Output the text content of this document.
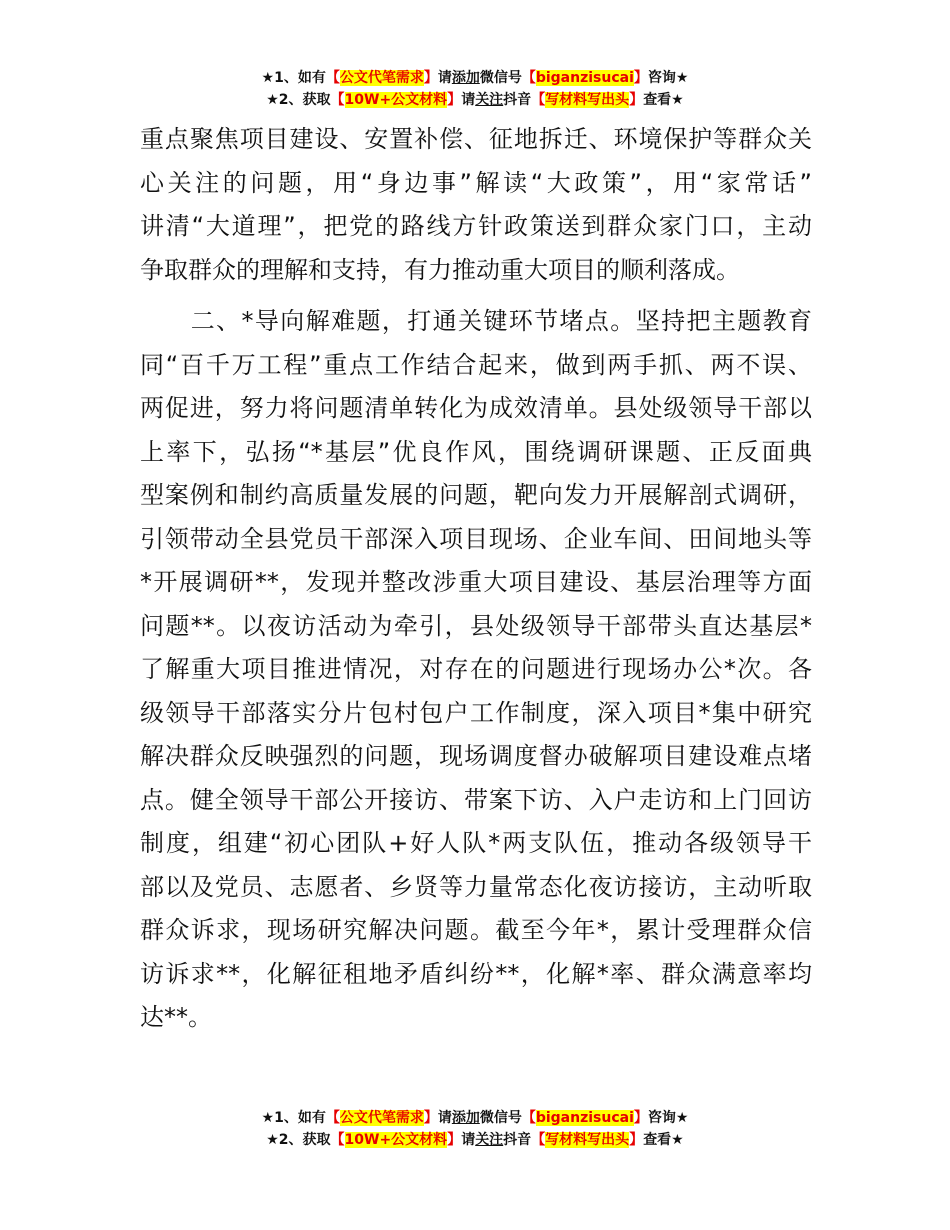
★1、如有【公文代笔需求】请添加微信号【biganzisucai】咨询★
★2、获取【10W+公文材料】请关注抖音【写材料写出头】查看★

重点聚焦项目建设、安置补偿、征地拆迁、环境保护等群众关
心关注的问题，用“身边事”解读“大政策”，用“家常话”
讲清“大道理”，把党的路线方针政策送到群众家门口，主动
争取群众的理解和支持，有力推动重大项目的顺利落成。

　　二、*导向解难题，打通关键环节堵点。坚持把主题教育
同“百千万工程”重点工作结合起来，做到两手抓、两不误、
两促进，努力将问题清单转化为成效清单。县处级领导干部以
上率下，弘扬“*基层”优良作风，围绕调研课题、正反面典
型案例和制约高质量发展的问题，靶向发力开展解剖式调研，
引领带动全县党员干部深入项目现场、企业车间、田间地头等
*开展调研**，发现并整改涉重大项目建设、基层治理等方面
问题**。以夜访活动为牵引，县处级领导干部带头直达基层*
了解重大项目推进情况，对存在的问题进行现场办公*次。各
级领导干部落实分片包村包户工作制度，深入项目*集中研究
解决群众反映强烈的问题，现场调度督办破解项目建设难点堵
点。健全领导干部公开接访、带案下访、入户走访和上门回访
制度，组建“初心团队+好人队*两支队伍，推动各级领导干
部以及党员、志愿者、乡贤等力量常态化夜访接访，主动听取
群众诉求，现场研究解决问题。截至今年*，累计受理群众信
访诉求**，化解征租地矛盾纠纷**，化解*率、群众满意率均
达**。

★1、如有【公文代笔需求】请添加微信号【biganzisucai】咨询★
★2、获取【10W+公文材料】请关注抖音【写材料写出头】查看★
